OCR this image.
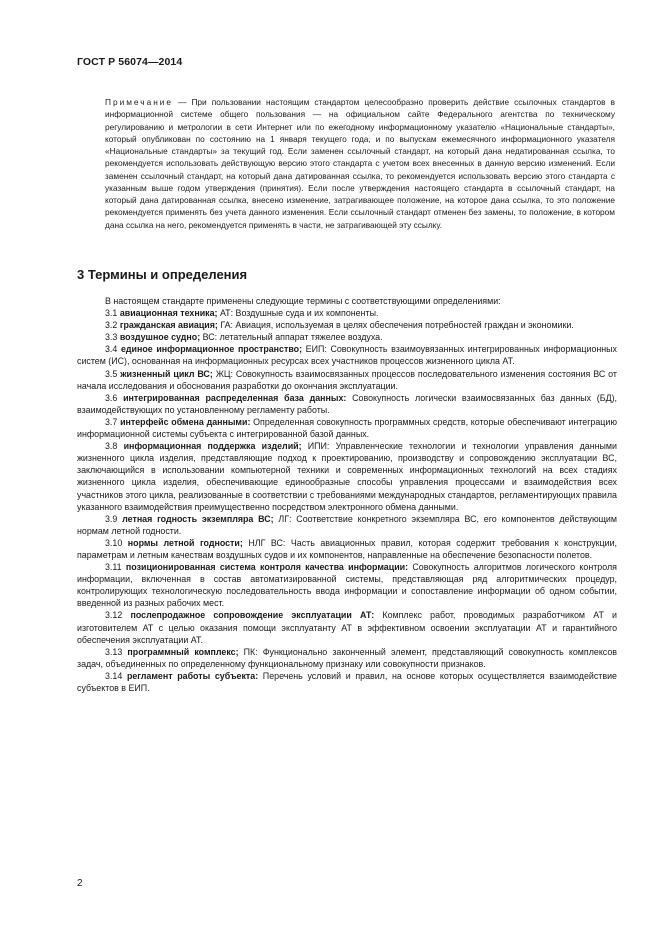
ГОСТ Р 56074—2014

Примечание — При пользовании настоящим стандартом целесообразно проверить действие ссылочных стандартов в информационной системе общего пользования — на официальном сайте Федерального агентства по техническому регулированию и метрологии в сети Интернет или по ежегодному информационному указателю «Национальные стандарты», который опубликован по состоянию на 1 января текущего года, и по выпускам ежемесячного информационного указателя «Национальные стандарты» за текущий год. Если заменен ссылочный стандарт, на который дана недатированная ссылка, то рекомендуется использовать действующую версию этого стандарта с учетом всех внесенных в данную версию изменений. Если заменен ссылочный стандарт, на который дана датированная ссылка, то рекомендуется использовать версию этого стандарта с указанным выше годом утверждения (принятия). Если после утверждения настоящего стандарта в ссылочный стандарт, на который дана датированная ссылка, внесено изменение, затрагивающее положение, на которое дана ссылка, то это положение рекомендуется применять без учета данного изменения. Если ссылочный стандарт отменен без замены, то положение, в котором дана ссылка на него, рекомендуется применять в части, не затрагивающей эту ссылку.

3 Термины и определения

В настоящем стандарте применены следующие термины с соответствующими определениями:

3.1 авиационная техника; АТ: Воздушные суда и их компоненты.

3.2 гражданская авиация; ГА: Авиация, используемая в целях обеспечения потребностей граждан и экономики.

3.3 воздушное судно; ВС: летательный аппарат тяжелее воздуха.

3.4 единое информационное пространство; ЕИП: Совокупность взаимоувязанных интегрированных информационных систем (ИС), основанная на информационных ресурсах всех участников процессов жизненного цикла АТ.

3.5 жизненный цикл ВС; ЖЦ: Совокупность взаимосвязанных процессов последовательного изменения состояния ВС от начала исследования и обоснования разработки до окончания эксплуатации.

3.6 интегрированная распределенная база данных: Совокупность логически взаимосвязанных баз данных (БД), взаимодействующих по установленному регламенту работы.

3.7 интерфейс обмена данными: Определенная совокупность программных средств, которые обеспечивают интеграцию информационной системы субъекта с интегрированной базой данных.

3.8 информационная поддержка изделий; ИПИ: Управленческие технологии и технологии управления данными жизненного цикла изделия, представляющие подход к проектированию, производству и сопровождению эксплуатации ВС, заключающийся в использовании компьютерной техники и современных информационных технологий на всех стадиях жизненного цикла изделия, обеспечивающие единообразные способы управления процессами и взаимодействия всех участников этого цикла, реализованные в соответствии с требованиями международных стандартов, регламентирующих правила указанного взаимодействия преимущественно посредством электронного обмена данными.

3.9 летная годность экземпляра ВС; ЛГ: Соответствие конкретного экземпляра ВС, его компонентов действующим нормам летной годности.

3.10 нормы летной годности; НЛГ ВС: Часть авиационных правил, которая содержит требования к конструкции, параметрам и летным качествам воздушных судов и их компонентов, направленные на обеспечение безопасности полетов.

3.11 позиционированная система контроля качества информации: Совокупность алгоритмов логического контроля информации, включенная в состав автоматизированной системы, представляющая ряд алгоритмических процедур, контролирующих технологическую последовательность ввода информации и сопоставление информации об одном событии, введенной из разных рабочих мест.

3.12 послепродажное сопровождение эксплуатации АТ: Комплекс работ, проводимых разработчиком АТ и изготовителем АТ с целью оказания помощи эксплуатанту АТ в эффективном освоении эксплуатации АТ и гарантийного обеспечения эксплуатации АТ.

3.13 программный комплекс; ПК: Функционально законченный элемент, представляющий совокупность комплексов задач, объединенных по определенному функциональному признаку или совокупности признаков.

3.14 регламент работы субъекта: Перечень условий и правил, на основе которых осуществляется взаимодействие субъектов в ЕИП.

2
